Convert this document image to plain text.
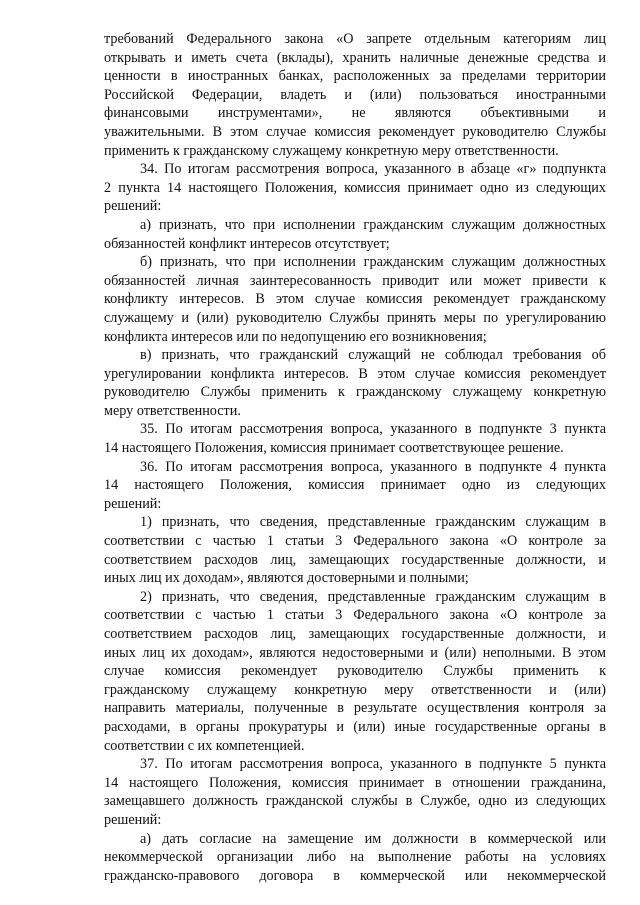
требований Федерального закона «О запрете отдельным категориям лиц
открывать и иметь счета (вклады), хранить наличные денежные средства и
ценности в иностранных банках, расположенных за пределами территории
Российской Федерации, владеть и (или) пользоваться иностранными
финансовыми инструментами», не являются объективными и
уважительными. В этом случае комиссия рекомендует руководителю Службы
применить к гражданскому служащему конкретную меру ответственности.
34. По итогам рассмотрения вопроса, указанного в абзаце «г» подпункта
2 пункта 14 настоящего Положения, комиссия принимает одно из следующих
решений:
а) признать, что при исполнении гражданским служащим должностных
обязанностей конфликт интересов отсутствует;
б) признать, что при исполнении гражданским служащим должностных
обязанностей личная заинтересованность приводит или может привести к
конфликту интересов. В этом случае комиссия рекомендует гражданскому
служащему и (или) руководителю Службы принять меры по урегулированию
конфликта интересов или по недопущению его возникновения;
в) признать, что гражданский служащий не соблюдал требования об
урегулировании конфликта интересов. В этом случае комиссия рекомендует
руководителю Службы применить к гражданскому служащему конкретную
меру ответственности.
35. По итогам рассмотрения вопроса, указанного в подпункте 3 пункта
14 настоящего Положения, комиссия принимает соответствующее решение.
36. По итогам рассмотрения вопроса, указанного в подпункте 4 пункта
14 настоящего Положения, комиссия принимает одно из следующих
решений:
1) признать, что сведения, представленные гражданским служащим в
соответствии с частью 1 статьи 3 Федерального закона «О контроле за
соответствием расходов лиц, замещающих государственные должности, и
иных лиц их доходам», являются достоверными и полными;
2) признать, что сведения, представленные гражданским служащим в
соответствии с частью 1 статьи 3 Федерального закона «О контроле за
соответствием расходов лиц, замещающих государственные должности, и
иных лиц их доходам», являются недостоверными и (или) неполными. В этом
случае комиссия рекомендует руководителю Службы применить к
гражданскому служащему конкретную меру ответственности и (или)
направить материалы, полученные в результате осуществления контроля за
расходами, в органы прокуратуры и (или) иные государственные органы в
соответствии с их компетенцией.
37. По итогам рассмотрения вопроса, указанного в подпункте 5 пункта
14 настоящего Положения, комиссия принимает в отношении гражданина,
замещавшего должность гражданской службы в Службе, одно из следующих
решений:
а) дать согласие на замещение им должности в коммерческой или
некоммерческой организации либо на выполнение работы на условиях
гражданско-правового договора в коммерческой или некоммерческой
